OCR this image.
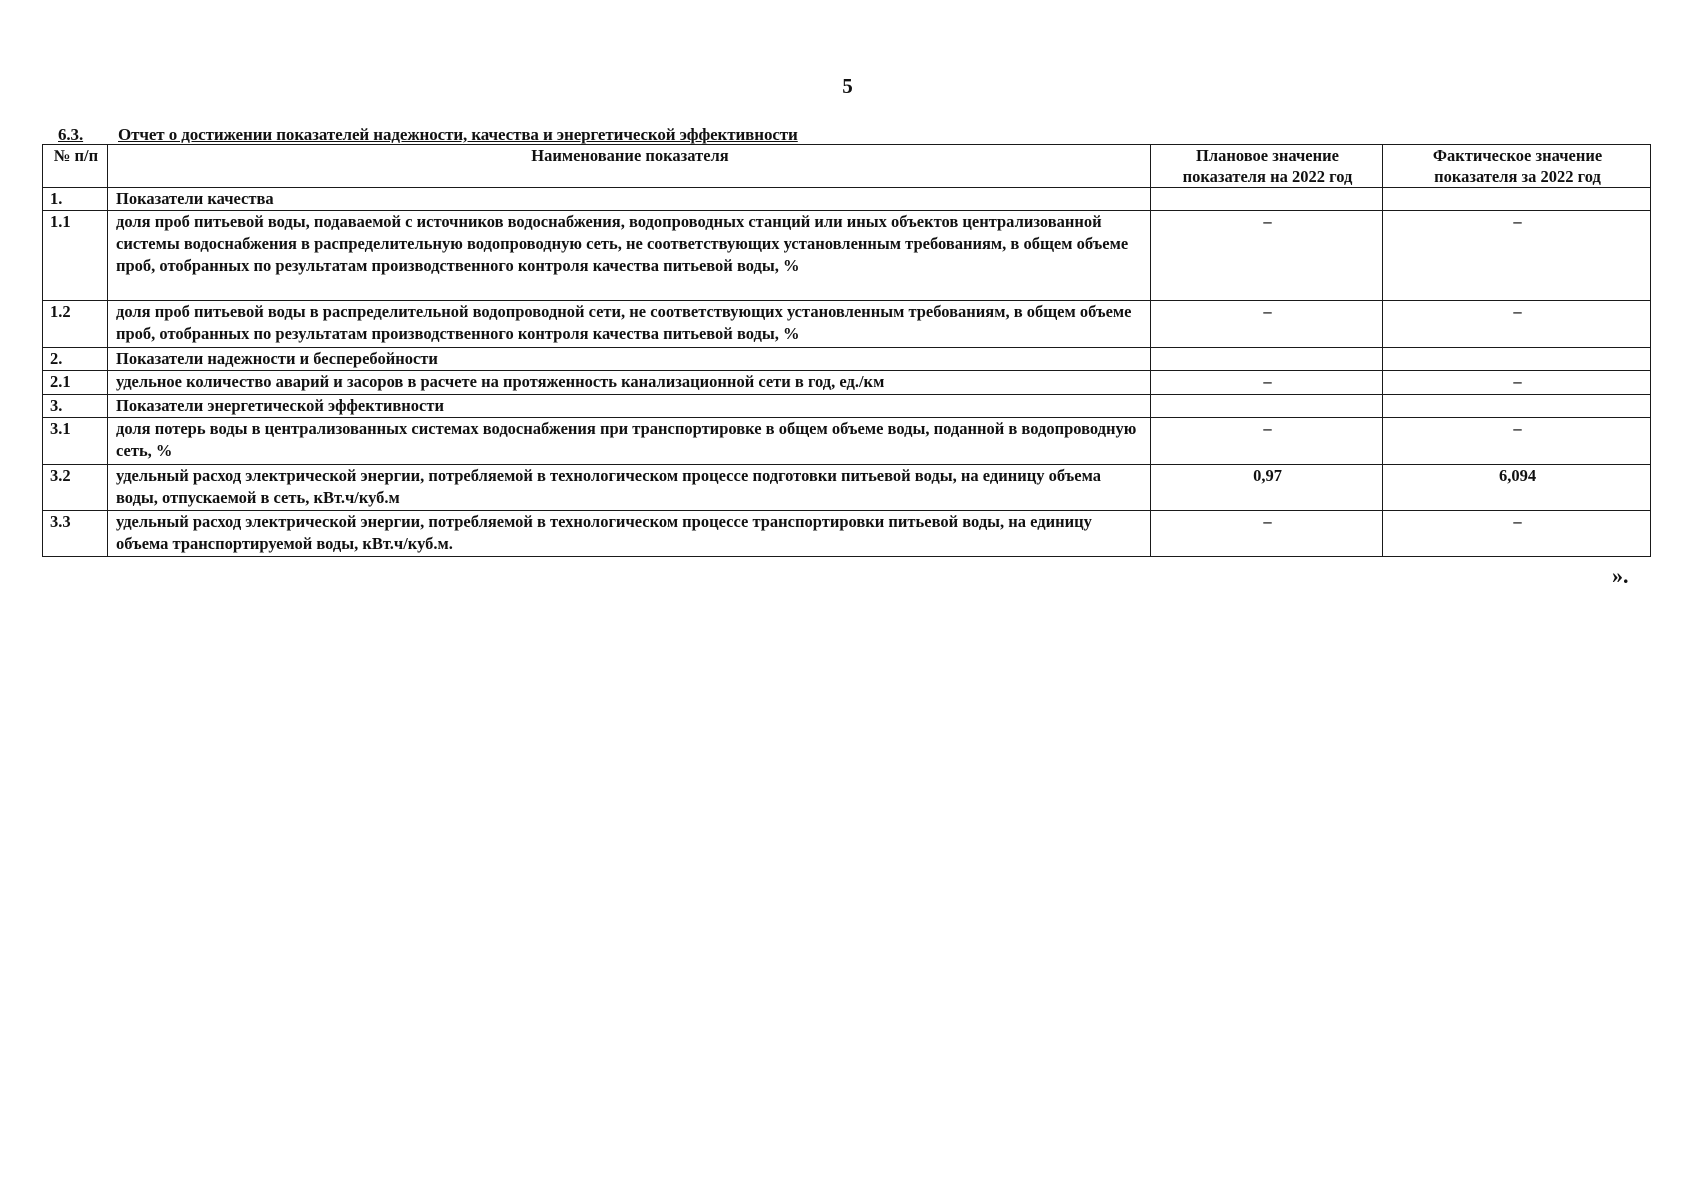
5
6.3. Отчет о достижении показателей надежности, качества и энергетической эффективности
№ п/п	Наименование показателя	Плановое значение показателя на 2022 год	Фактическое значение показателя за 2022 год
1.	Показатели качества		
1.1	доля проб питьевой воды, подаваемой с источников водоснабжения, водопроводных станций или иных объектов централизованной системы водоснабжения в распределительную водопроводную сеть, не соответствующих установленным требованиям, в общем объеме проб, отобранных по результатам производственного контроля качества питьевой воды, %	–	–
1.2	доля проб питьевой воды в распределительной водопроводной сети, не соответствующих установленным требованиям, в общем объеме проб, отобранных по результатам производственного контроля качества питьевой воды, %	–	–
2.	Показатели надежности и бесперебойности		
2.1	удельное количество аварий и засоров в расчете на протяженность канализационной сети в год, ед./км	–	–
3.	Показатели энергетической эффективности		
3.1	доля потерь воды в централизованных системах водоснабжения при транспортировке в общем объеме воды, поданной в водопроводную сеть, %	–	–
3.2	удельный расход электрической энергии, потребляемой в технологическом процессе подготовки питьевой воды, на единицу объема воды, отпускаемой в сеть, кВт.ч/куб.м	0,97	6,094
3.3	удельный расход электрической энергии, потребляемой в технологическом процессе транспортировки питьевой воды, на единицу объема транспортируемой воды, кВт.ч/куб.м.	–	–
».
